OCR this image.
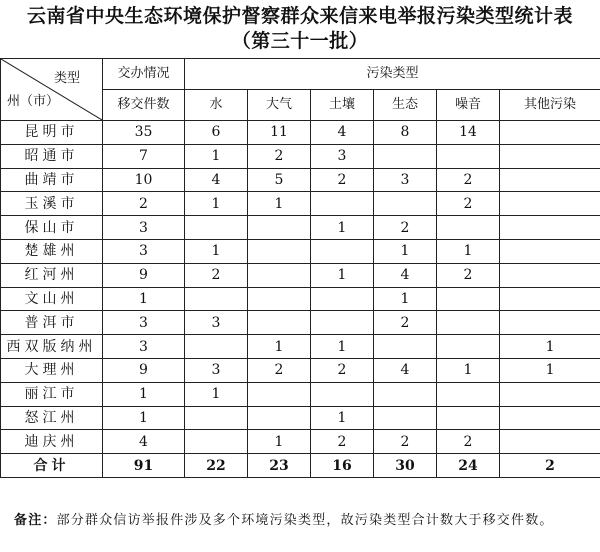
云南省中央生态环境保护督察群众来信来电举报污染类型统计表
（第三十一批）
类型
州（市）	交办情况	污染类型					
	移交件数	水	大气	土壤	生态	噪音	其他污染
昆明市	35	6	11	4	8	14	
昭通市	7	1	2	3			
曲靖市	10	4	5	2	3	2	
玉溪市	2	1	1			2	
保山市	3			1	2		
楚雄州	3	1			1	1	
红河州	9	2		1	4	2	
文山州	1				1		
普洱市	3	3			2		
西双版纳州	3		1	1			1
大理州	9	3	2	2	4	1	1
丽江市	1	1					
怒江州	1			1			
迪庆州	4		1	2	2	2	
合计	91	22	23	16	30	24	2
备注：部分群众信访举报件涉及多个环境污染类型，故污染类型合计数大于移交件数。
